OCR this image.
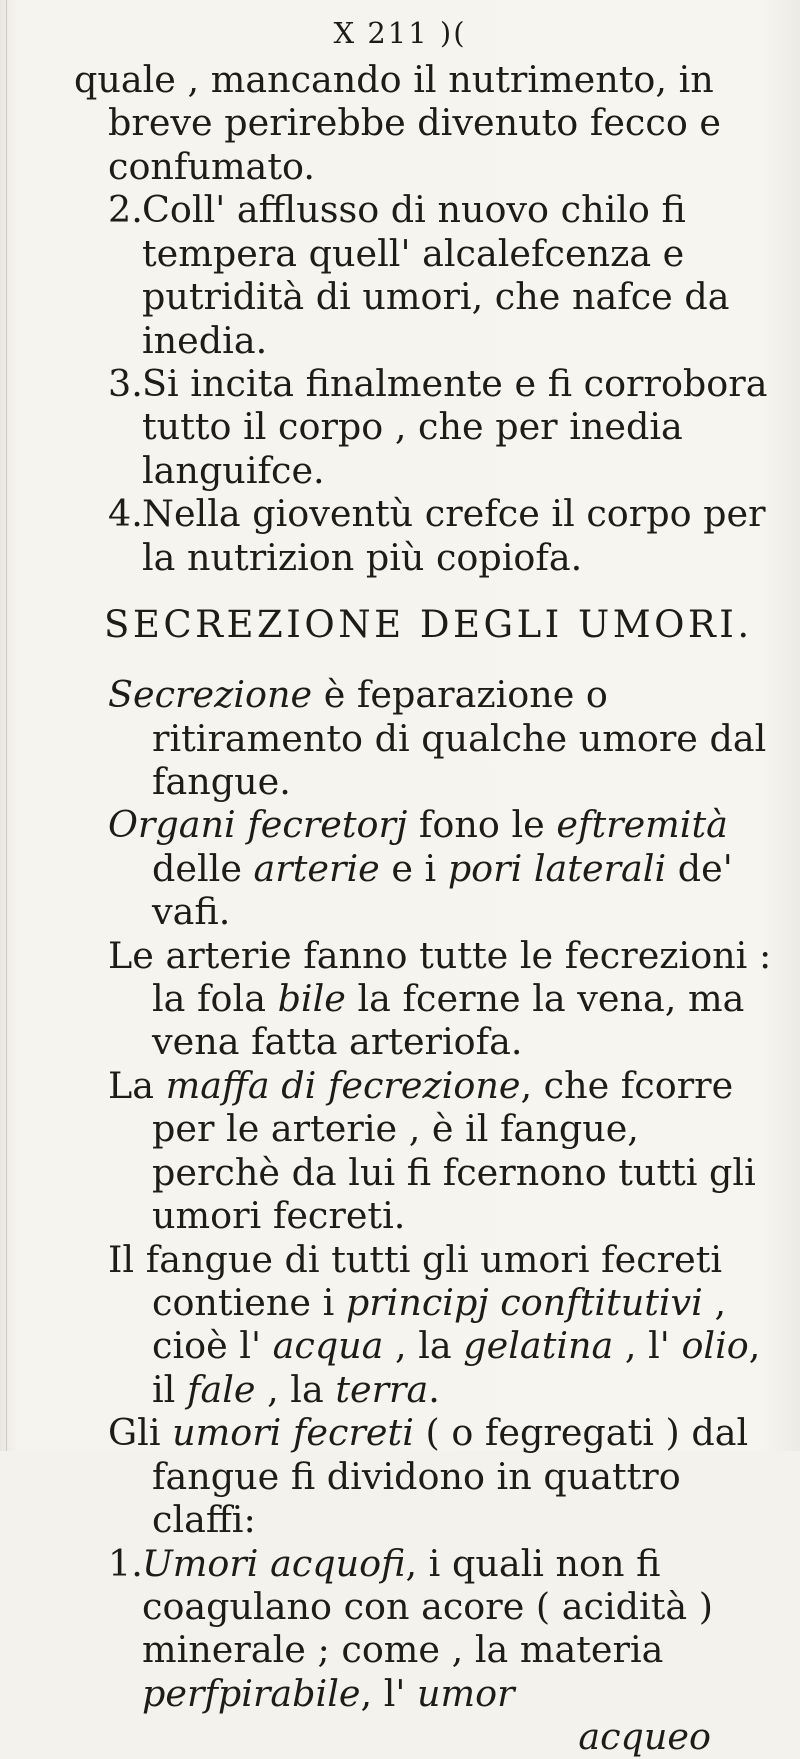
X 211 )(

quale , mancando il nutrimento, in breve perirebbe divenuto fecco e confumato.

2.Coll' afflusso di nuovo chilo fi tempera quell' alcalefcenza e putridità di umori, che nafce da inedia.

3.Si incita finalmente e fi corrobora tutto il corpo , che per inedia languifce.

4.Nella gioventù crefce il corpo per la nutrizion più copiofa.

SECREZIONE DEGLI UMORI.

Secrezione è feparazione o ritiramento di qualche umore dal fangue.

Organi fecretorj fono le eftremità delle arterie e i pori laterali de' vafi.

Le arterie fanno tutte le fecrezioni : la fola bile la fcerne la vena, ma vena fatta arteriofa.

La maffa di fecrezione, che fcorre per le arterie , è il fangue, perchè da lui fi fcernono tutti gli umori fecreti.

Il fangue di tutti gli umori fecreti contiene i principj conftitutivi , cioè l' acqua , la gelatina , l' olio, il fale , la terra.

Gli umori fecreti ( o fegregati ) dal fangue fi dividono in quattro claffi:

1.Umori acquofi, i quali non fi coagulano con acore ( acidità ) minerale ; come , la materia perfpirabile, l' umor

acqueo
